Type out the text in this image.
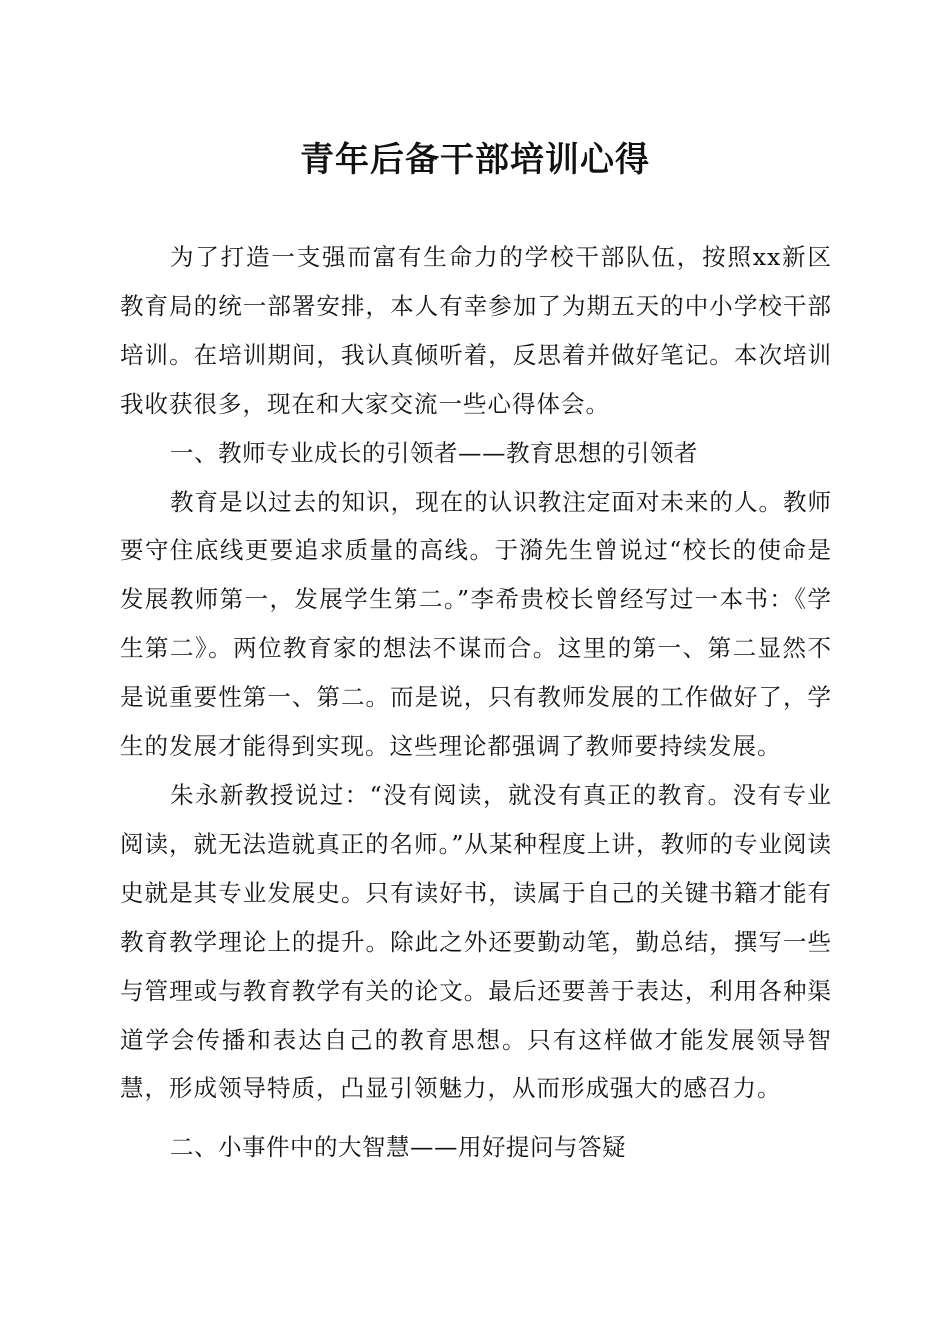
青年后备干部培训心得

为了打造一支强而富有生命力的学校干部队伍，按照xx新区教育局的统一部署安排，本人有幸参加了为期五天的中小学校干部培训。在培训期间，我认真倾听着，反思着并做好笔记。本次培训我收获很多，现在和大家交流一些心得体会。

一、教师专业成长的引领者——教育思想的引领者

教育是以过去的知识，现在的认识教注定面对未来的人。教师要守住底线更要追求质量的高线。于漪先生曾说过“校长的使命是发展教师第一，发展学生第二。”李希贵校长曾经写过一本书：《学生第二》。两位教育家的想法不谋而合。这里的第一、第二显然不是说重要性第一、第二。而是说，只有教师发展的工作做好了，学生的发展才能得到实现。这些理论都强调了教师要持续发展。

朱永新教授说过：“没有阅读，就没有真正的教育。没有专业阅读，就无法造就真正的名师。”从某种程度上讲，教师的专业阅读史就是其专业发展史。只有读好书，读属于自己的关键书籍才能有教育教学理论上的提升。除此之外还要勤动笔，勤总结，撰写一些与管理或与教育教学有关的论文。最后还要善于表达，利用各种渠道学会传播和表达自己的教育思想。只有这样做才能发展领导智慧，形成领导特质，凸显引领魅力，从而形成强大的感召力。

二、小事件中的大智慧——用好提问与答疑
